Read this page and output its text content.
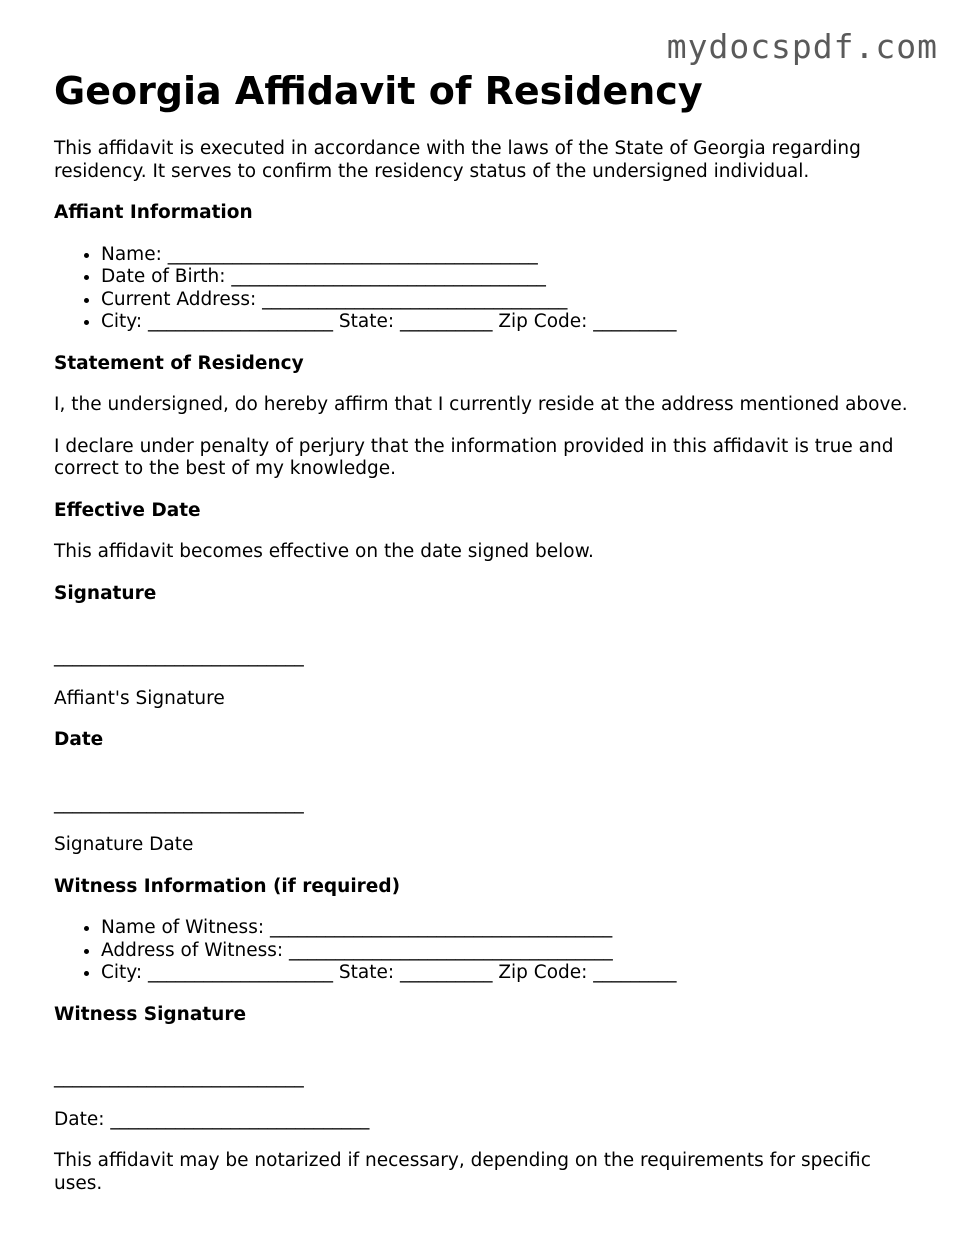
mydocspdf.com
Georgia Affidavit of Residency

This affidavit is executed in accordance with the laws of the State of Georgia regarding residency. It serves to confirm the residency status of the undersigned individual.

Affiant Information
• Name: ________________________________________
• Date of Birth: __________________________________
• Current Address: _________________________________
• City: ____________________ State: __________ Zip Code: _________
Statement of Residency

I, the undersigned, do hereby affirm that I currently reside at the address mentioned above.

I declare under penalty of perjury that the information provided in this affidavit is true and correct to the best of my knowledge.

Effective Date

This affidavit becomes effective on the date signed below.

Signature

___________________________

Affiant's Signature

Date

___________________________

Signature Date

Witness Information (if required)
• Name of Witness: _____________________________________
• Address of Witness: ___________________________________
• City: ____________________ State: __________ Zip Code: _________
Witness Signature

___________________________

Date: ____________________________

This affidavit may be notarized if necessary, depending on the requirements for specific uses.
